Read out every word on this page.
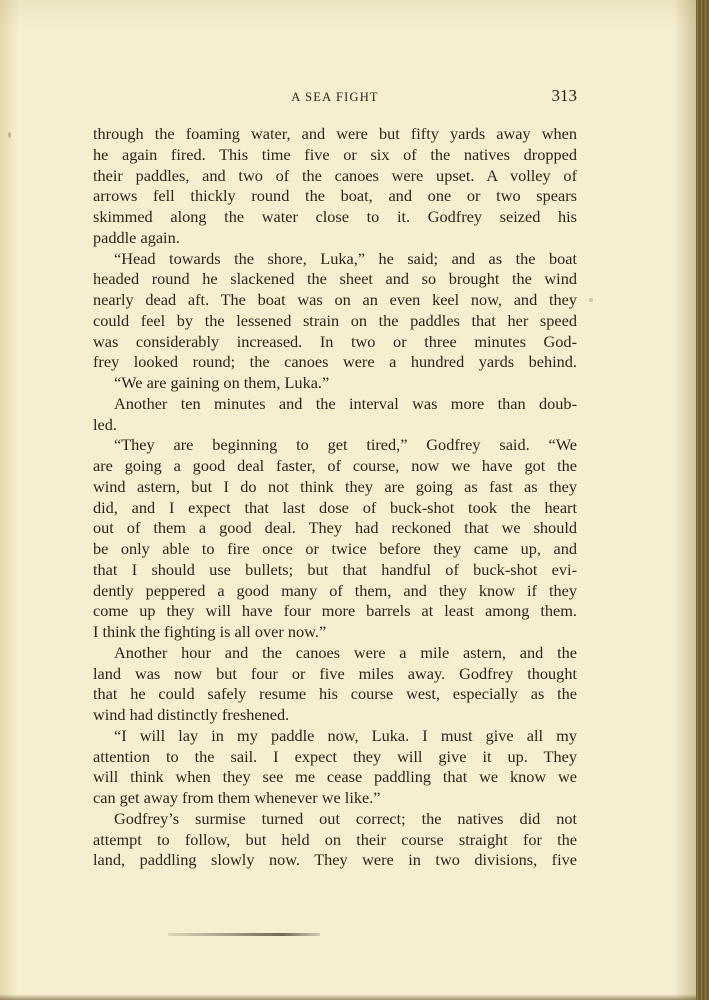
A SEA FIGHT	313
through the foaming water, and were but fifty yards away when
he again fired. This time five or six of the natives dropped
their paddles, and two of the canoes were upset. A volley of
arrows fell thickly round the boat, and one or two spears
skimmed along the water close to it. Godfrey seized his
paddle again.
“Head towards the shore, Luka,” he said; and as the boat
headed round he slackened the sheet and so brought the wind
nearly dead aft. The boat was on an even keel now, and they
could feel by the lessened strain on the paddles that her speed
was considerably increased. In two or three minutes God-
frey looked round; the canoes were a hundred yards behind.
“We are gaining on them, Luka.”
Another ten minutes and the interval was more than doub-
led.
“They are beginning to get tired,” Godfrey said. “We
are going a good deal faster, of course, now we have got the
wind astern, but I do not think they are going as fast as they
did, and I expect that last dose of buck-shot took the heart
out of them a good deal. They had reckoned that we should
be only able to fire once or twice before they came up, and
that I should use bullets; but that handful of buck-shot evi-
dently peppered a good many of them, and they know if they
come up they will have four more barrels at least among them.
I think the fighting is all over now.”
Another hour and the canoes were a mile astern, and the
land was now but four or five miles away. Godfrey thought
that he could safely resume his course west, especially as the
wind had distinctly freshened.
“I will lay in my paddle now, Luka. I must give all my
attention to the sail. I expect they will give it up. They
will think when they see me cease paddling that we know we
can get away from them whenever we like.”
Godfrey’s surmise turned out correct; the natives did not
attempt to follow, but held on their course straight for the
land, paddling slowly now. They were in two divisions, five
